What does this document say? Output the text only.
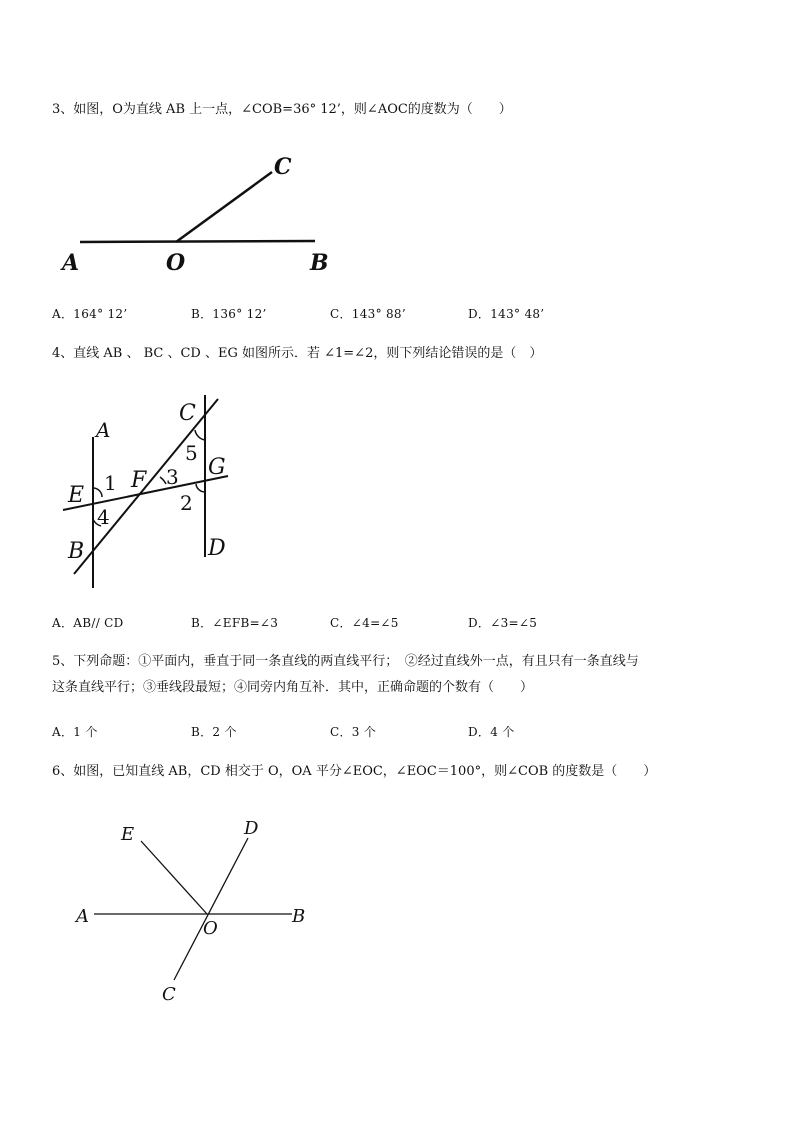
3、如图，O为直线 AB 上一点，∠COB=36° 12’，则∠AOC的度数为（　　）
A	O	B
C
A．164° 12’	B．136° 12’	C．143° 88’	D．143° 48’
4、直线 AB 、 BC 、CD 、EG 如图所示．若 ∠1=∠2，则下列结论错误的是（　）
A
C
G
E
F
B	D
1
4
3
5
2
A．AB// CD	B．∠EFB=∠3	C．∠4=∠5	D．∠3=∠5
5、下列命题：①平面内，垂直于同一条直线的两直线平行；　②经过直线外一点，有且只有一条直线与
这条直线平行；③垂线段最短；④同旁内角互补．其中，正确命题的个数有（　　）
A．1 个	B．2 个	C．3 个	D．4 个
6、如图，已知直线 AB，CD 相交于 O，OA 平分∠EOC，∠EOC＝100°，则∠COB 的度数是（　　）
A	B
O
E	D
C
